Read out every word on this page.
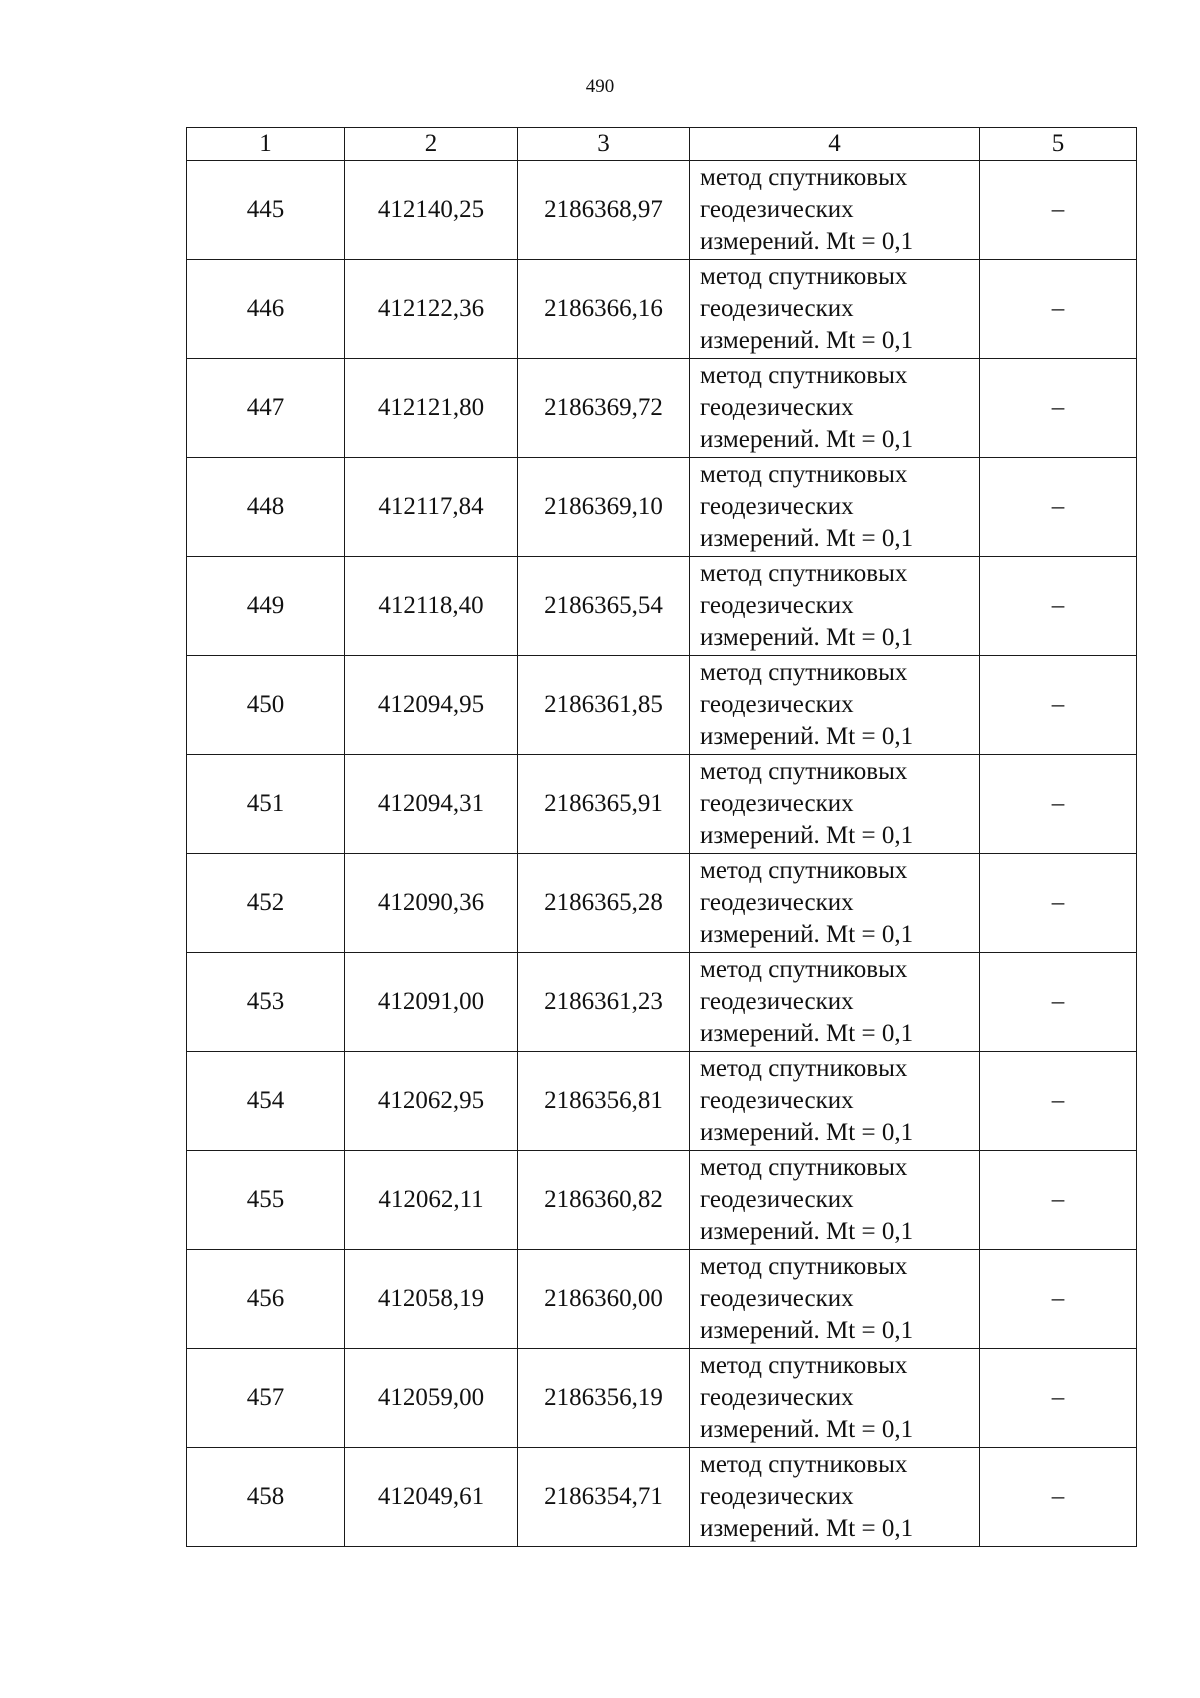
490
1	2	3	4	5
445	412140,25	2186368,97	метод спутниковых
геодезических
измерений. Mt = 0,1	–
446	412122,36	2186366,16	метод спутниковых
геодезических
измерений. Mt = 0,1	–
447	412121,80	2186369,72	метод спутниковых
геодезических
измерений. Mt = 0,1	–
448	412117,84	2186369,10	метод спутниковых
геодезических
измерений. Mt = 0,1	–
449	412118,40	2186365,54	метод спутниковых
геодезических
измерений. Mt = 0,1	–
450	412094,95	2186361,85	метод спутниковых
геодезических
измерений. Mt = 0,1	–
451	412094,31	2186365,91	метод спутниковых
геодезических
измерений. Mt = 0,1	–
452	412090,36	2186365,28	метод спутниковых
геодезических
измерений. Mt = 0,1	–
453	412091,00	2186361,23	метод спутниковых
геодезических
измерений. Mt = 0,1	–
454	412062,95	2186356,81	метод спутниковых
геодезических
измерений. Mt = 0,1	–
455	412062,11	2186360,82	метод спутниковых
геодезических
измерений. Mt = 0,1	–
456	412058,19	2186360,00	метод спутниковых
геодезических
измерений. Mt = 0,1	–
457	412059,00	2186356,19	метод спутниковых
геодезических
измерений. Mt = 0,1	–
458	412049,61	2186354,71	метод спутниковых
геодезических
измерений. Mt = 0,1	–
